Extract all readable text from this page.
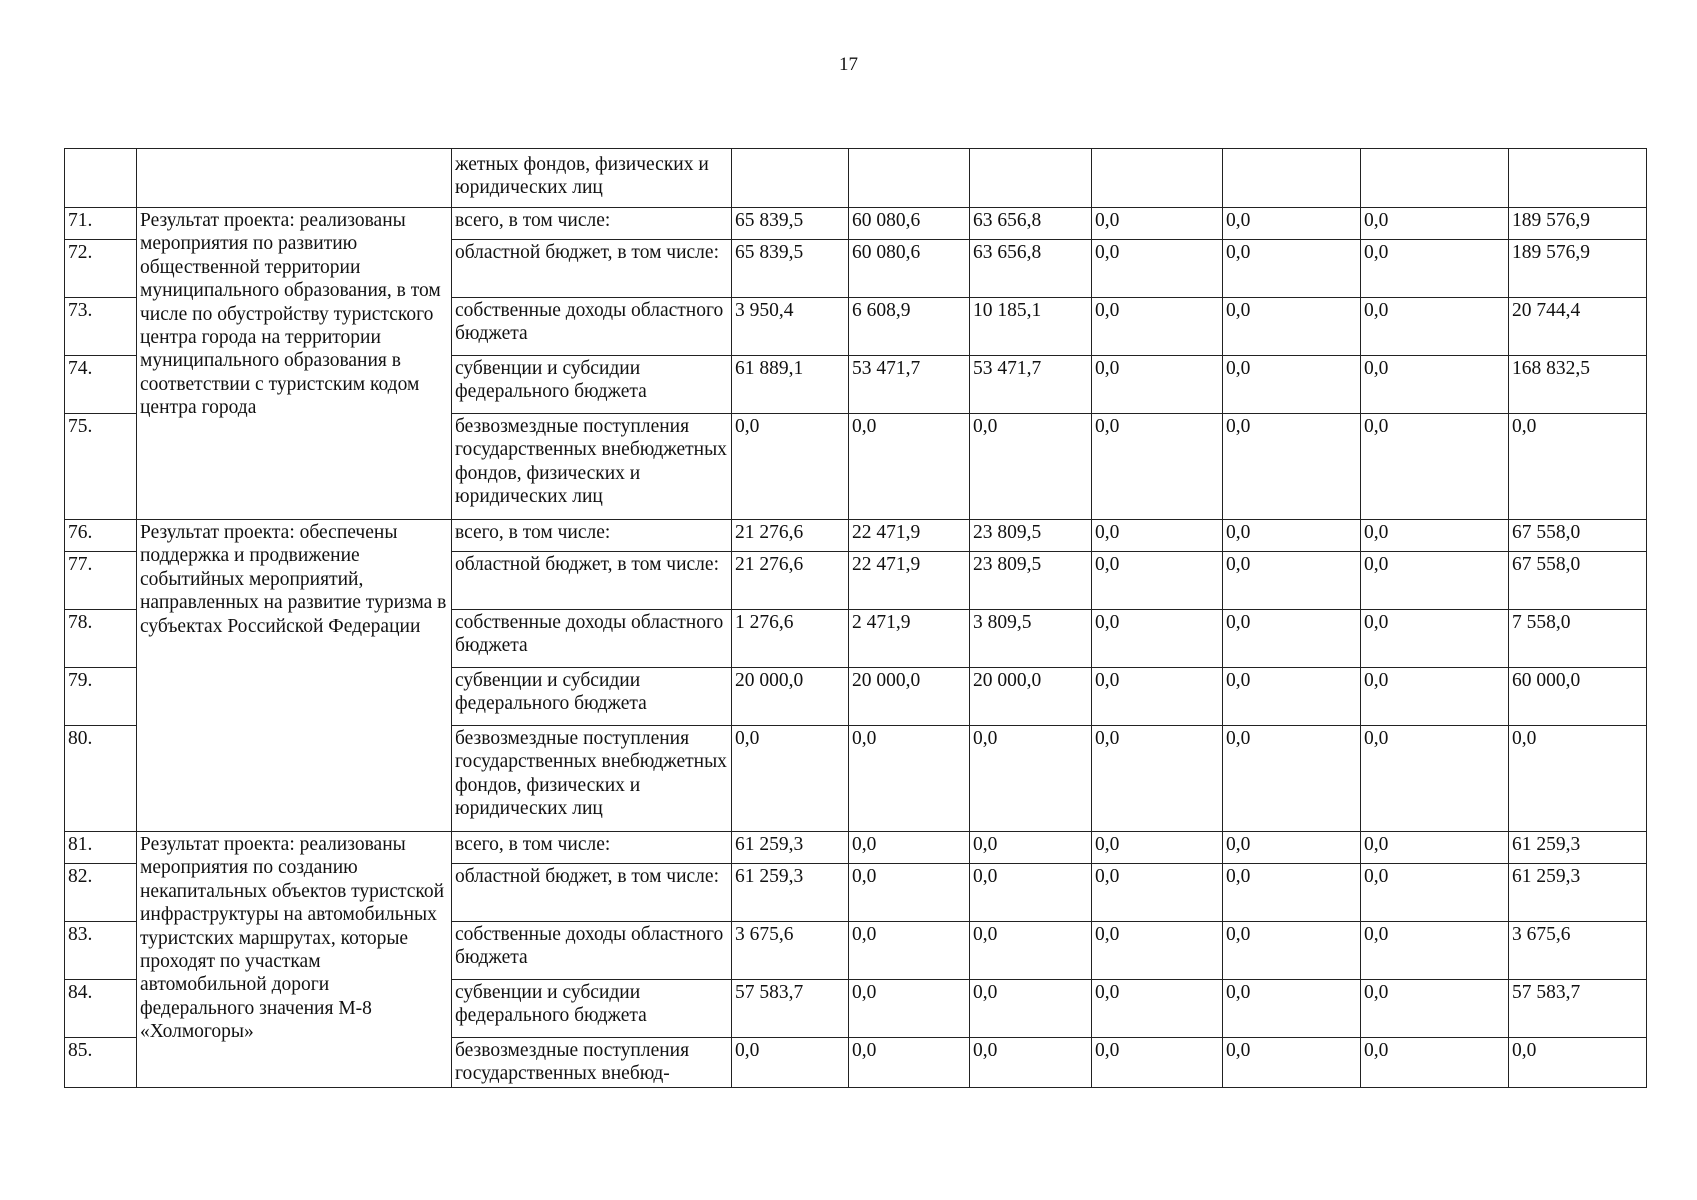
17
		жетных фондов, физических и юридических лиц							
71.	Результат проекта: реализованы мероприятия по развитию общественной территории муниципального образования, в том числе по обустройству туристского центра города на территории муниципального образования в соответствии с туристским кодом центра города	всего, в том числе:	65 839,5	60 080,6	63 656,8	0,0	0,0	0,0	189 576,9
72.		областной бюджет, в том числе:	65 839,5	60 080,6	63 656,8	0,0	0,0	0,0	189 576,9
73.		собственные доходы областного бюджета	3 950,4	6 608,9	10 185,1	0,0	0,0	0,0	20 744,4
74.		субвенции и субсидии федерального бюджета	61 889,1	53 471,7	53 471,7	0,0	0,0	0,0	168 832,5
75.		безвозмездные поступления государственных внебюджетных фондов, физических и юридических лиц	0,0	0,0	0,0	0,0	0,0	0,0	0,0
76.	Результат проекта: обеспечены поддержка и продвижение событийных мероприятий, направленных на развитие туризма в субъектах Российской Федерации	всего, в том числе:	21 276,6	22 471,9	23 809,5	0,0	0,0	0,0	67 558,0
77.		областной бюджет, в том числе:	21 276,6	22 471,9	23 809,5	0,0	0,0	0,0	67 558,0
78.		собственные доходы областного бюджета	1 276,6	2 471,9	3 809,5	0,0	0,0	0,0	7 558,0
79.		субвенции и субсидии федерального бюджета	20 000,0	20 000,0	20 000,0	0,0	0,0	0,0	60 000,0
80.		безвозмездные поступления государственных внебюджетных фондов, физических и юридических лиц	0,0	0,0	0,0	0,0	0,0	0,0	0,0
81.	Результат проекта: реализованы мероприятия по созданию некапитальных объектов туристской инфраструктуры на автомобильных туристских маршрутах, которые проходят по участкам автомобильной дороги федерального значения М-8 «Холмогоры»	всего, в том числе:	61 259,3	0,0	0,0	0,0	0,0	0,0	61 259,3
82.		областной бюджет, в том числе:	61 259,3	0,0	0,0	0,0	0,0	0,0	61 259,3
83.		собственные доходы областного бюджета	3 675,6	0,0	0,0	0,0	0,0	0,0	3 675,6
84.		субвенции и субсидии федерального бюджета	57 583,7	0,0	0,0	0,0	0,0	0,0	57 583,7
85.		безвозмездные поступления государственных внебюд-	0,0	0,0	0,0	0,0	0,0	0,0	0,0
